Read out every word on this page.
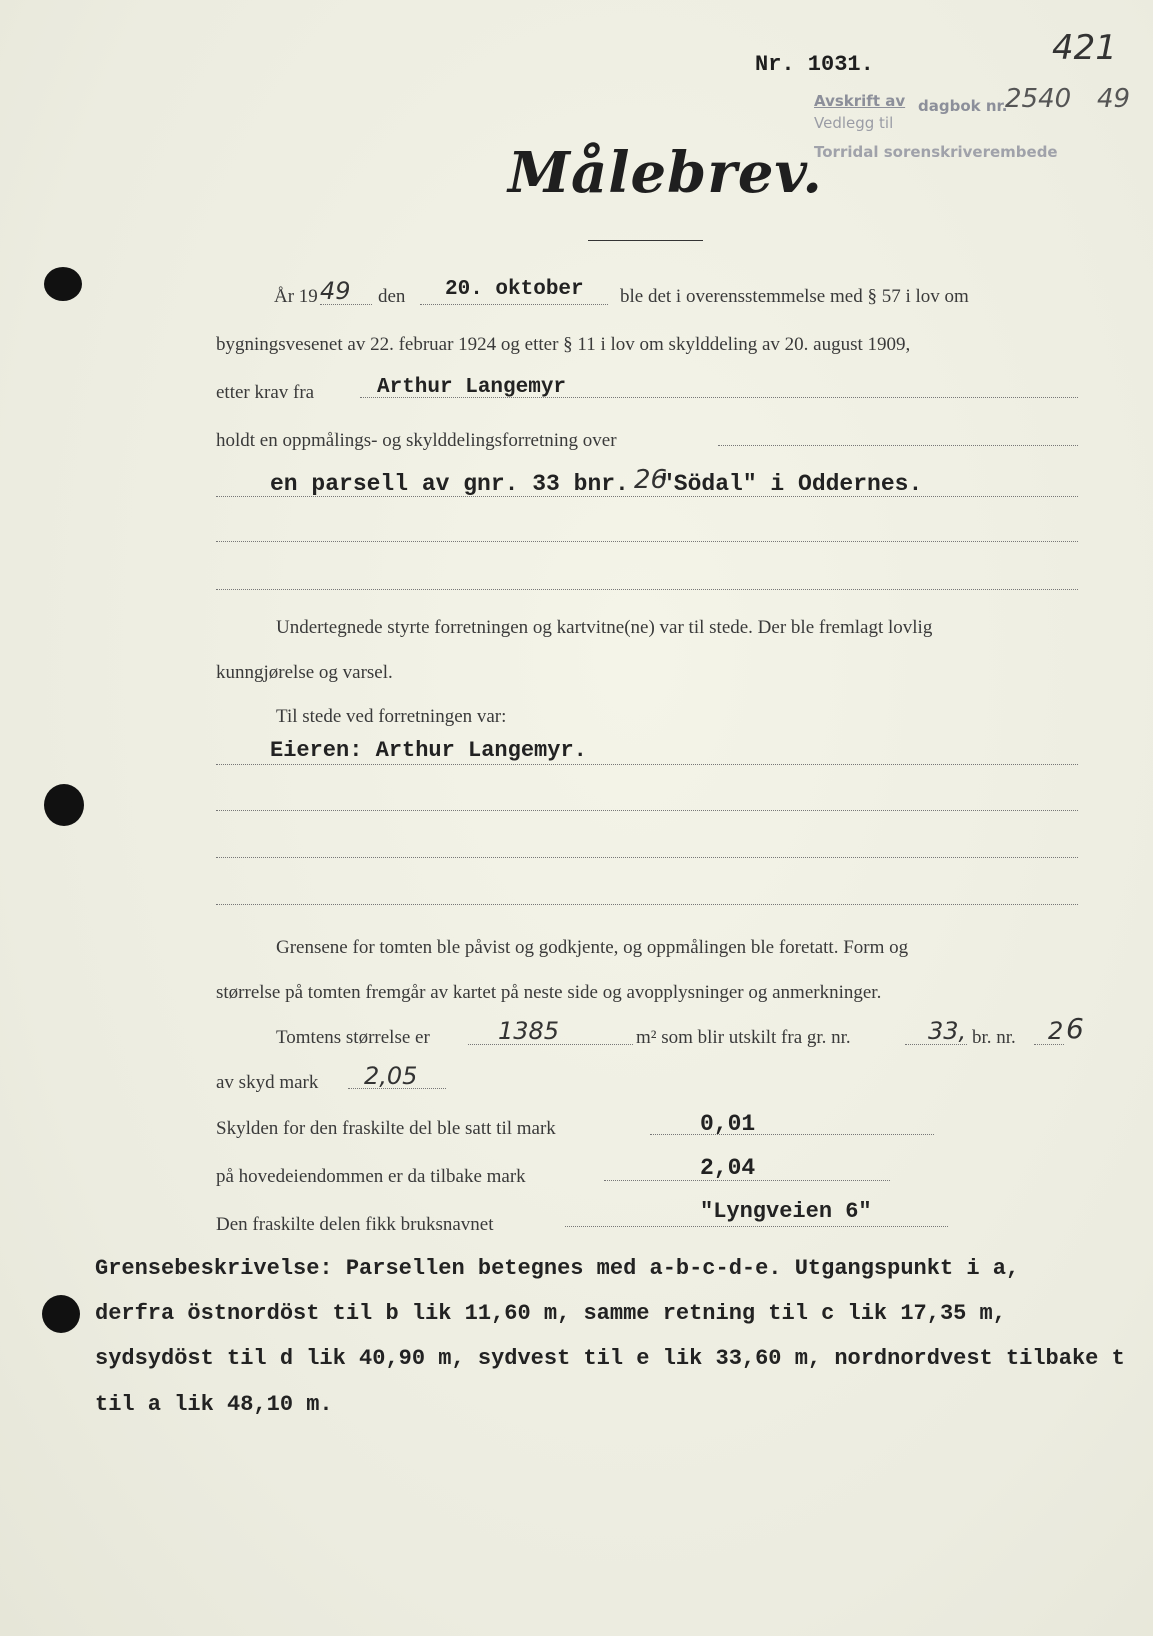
421
Nr. 1031.
Avskrift av dagbok nr.
2540 49
Vedlegg til
Torridal sorenskriverembede
Målebrev.
År 19 49 den 20. oktober ble det i overensstemmelse med § 57 i lov om
bygningsvesenet av 22. februar 1924 og etter § 11 i lov om skylddeling av 20. august 1909,
etter krav fra	Arthur Langemyr
holdt en oppmålings- og skylddelingsforretning over
en parsell av gnr. 33 bnr. 26
"Södal" i Oddernes.
Undertegnede styrte forretningen og kartvitne(ne) var til stede. Der ble fremlagt lovlig
kunngjørelse og varsel.
Til stede ved forretningen var:
Eieren: Arthur Langemyr.
Grensene for tomten ble påvist og godkjente, og oppmålingen ble foretatt. Form og
størrelse på tomten fremgår av kartet på neste side og avopplysninger og anmerkninger.
Tomtens størrelse er	1385	m² som blir utskilt fra gr. nr.	33, br. nr. 2 6
av skyd mark 2,05
Skylden for den fraskilte del ble satt til mark	0,01
på hovedeiendommen er da tilbake mark	2,04
Den fraskilte delen fikk bruksnavnet
"Lyngveien 6"
Grensebeskrivelse: Parsellen betegnes med a-b-c-d-e. Utgangspunkt i a,
derfra östnordöst til b lik 11,60 m, samme retning til c lik 17,35 m,
sydsydöst til d lik 40,90 m, sydvest til e lik 33,60 m, nordnordvest tilbake t
til a lik 48,10 m.
